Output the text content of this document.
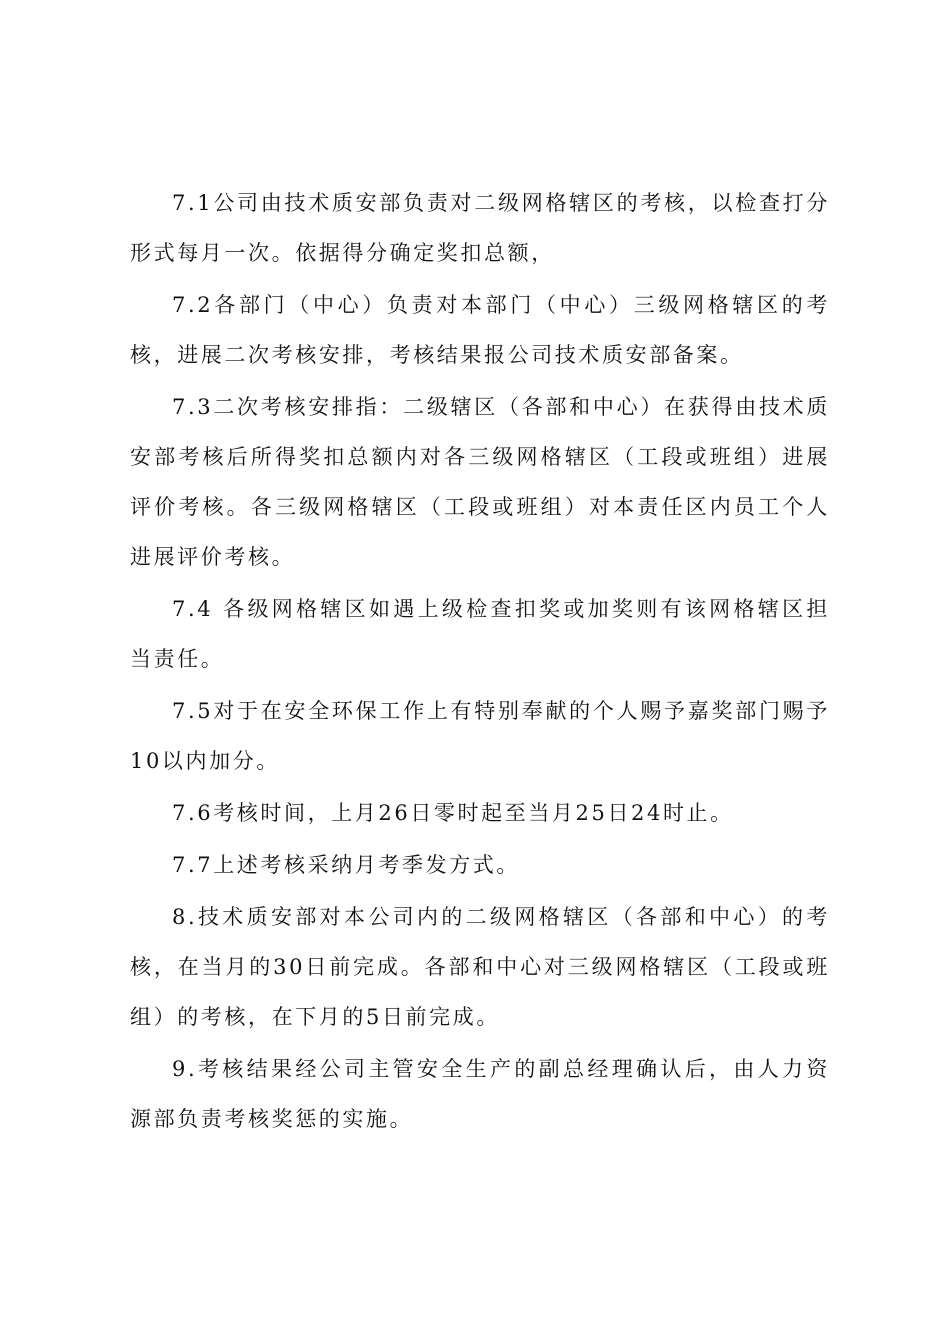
7.1公司由技术质安部负责对二级网格辖区的考核，以检查打分形式每月一次。依据得分确定奖扣总额，

7.2各部门（中心）负责对本部门（中心）三级网格辖区的考核，进展二次考核安排，考核结果报公司技术质安部备案。

7.3二次考核安排指：二级辖区（各部和中心）在获得由技术质安部考核后所得奖扣总额内对各三级网格辖区（工段或班组）进展评价考核。各三级网格辖区（工段或班组）对本责任区内员工个人进展评价考核。

7.4 各级网格辖区如遇上级检查扣奖或加奖则有该网格辖区担当责任。

7.5对于在安全环保工作上有特别奉献的个人赐予嘉奖部门赐予10以内加分。

7.6考核时间，上月26日零时起至当月25日24时止。

7.7上述考核采纳月考季发方式。

8.技术质安部对本公司内的二级网格辖区（各部和中心）的考核，在当月的30日前完成。各部和中心对三级网格辖区（工段或班组）的考核，在下月的5日前完成。

9.考核结果经公司主管安全生产的副总经理确认后，由人力资源部负责考核奖惩的实施。
